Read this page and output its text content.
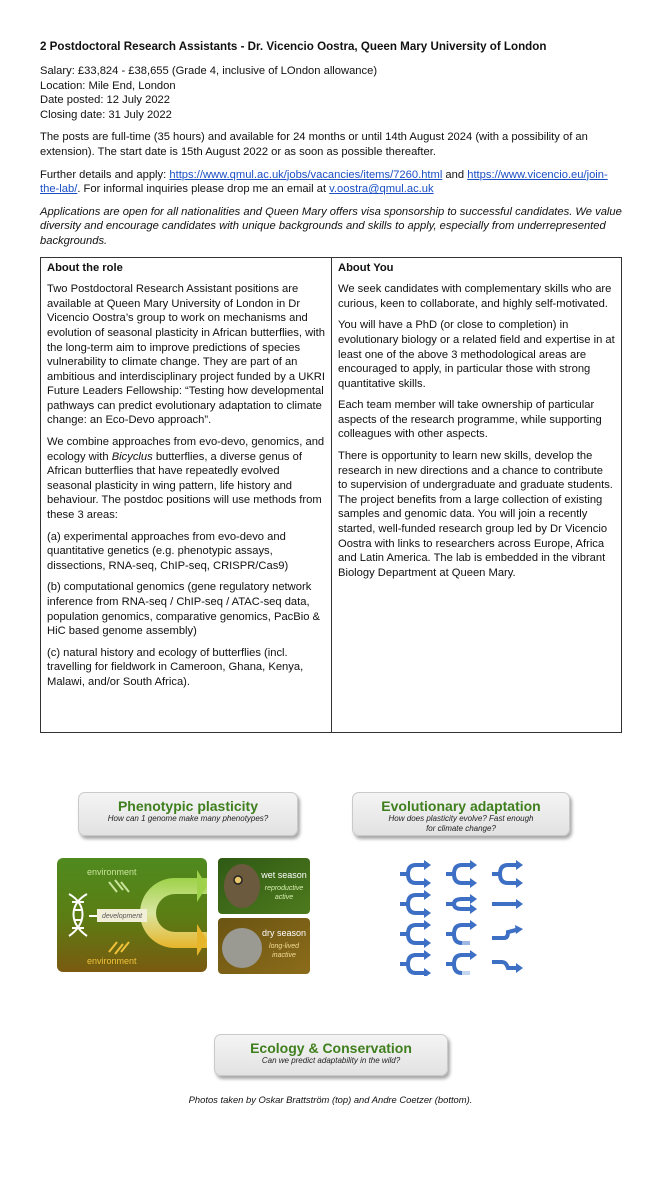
2 Postdoctoral Research Assistants - Dr. Vicencio Oostra, Queen Mary University of London
Salary: £33,824 - £38,655 (Grade 4, inclusive of LOndon allowance)
Location: Mile End, London
Date posted: 12 July 2022
Closing date: 31 July 2022

The posts are full-time (35 hours) and available for 24 months or until 14th August 2024 (with a possibility of an extension). The start date is 15th August 2022 or as soon as possible thereafter.

Further details and apply: https://www.qmul.ac.uk/jobs/vacancies/items/7260.html and https://www.vicencio.eu/join-the-lab/. For informal inquiries please drop me an email at v.oostra@qmul.ac.uk

Applications are open for all nationalities and Queen Mary offers visa sponsorship to successful candidates. We value diversity and encourage candidates with unique backgrounds and skills to apply, especially from underrepresented backgrounds.

About the role

Two Postdoctoral Research Assistant positions are available at Queen Mary University of London in Dr Vicencio Oostra’s group to work on mechanisms and evolution of seasonal plasticity in African butterflies, with the long-term aim to improve predictions of species vulnerability to climate change. They are part of an ambitious and interdisciplinary project funded by a UKRI Future Leaders Fellowship: “Testing how developmental pathways can predict evolutionary adaptation to climate change: an Eco-Devo approach”.

We combine approaches from evo-devo, genomics, and ecology with Bicyclus butterflies, a diverse genus of African butterflies that have repeatedly evolved seasonal plasticity in wing pattern, life history and behaviour. The postdoc positions will use methods from these 3 areas:

(a) experimental approaches from evo-devo and quantitative genetics (e.g. phenotypic assays, dissections, RNA-seq, ChIP-seq, CRISPR/Cas9)

(b) computational genomics (gene regulatory network inference from RNA-seq / ChIP-seq / ATAC-seq data, population genomics, comparative genomics, PacBio & HiC based genome assembly)

(c) natural history and ecology of butterflies (incl. travelling for fieldwork in Cameroon, Ghana, Kenya, Malawi, and/or South Africa).

About You

We seek candidates with complementary skills who are curious, keen to collaborate, and highly self-motivated.

You will have a PhD (or close to completion) in evolutionary biology or a related field and expertise in at least one of the above 3 methodological areas are encouraged to apply, in particular those with strong quantitative skills.

Each team member will take ownership of particular aspects of the research programme, while supporting colleagues with other aspects.

There is opportunity to learn new skills, develop the research in new directions and a chance to contribute to supervision of undergraduate and graduate students. The project benefits from a large collection of existing samples and genomic data. You will join a recently started, well-funded research group led by Dr Vicencio Oostra with links to researchers across Europe, Africa and Latin America. The lab is embedded in the vibrant Biology Department at Queen Mary.

Phenotypic plasticity
How can 1 genome make many phenotypes?
Evolutionary adaptation
How does plasticity evolve? Fast enough for climate change?
development
environment
environment
wet season
reproductive
active
dry season
long-lived
inactive
Ecology & Conservation
Can we predict adaptability in the wild?
Photos taken by Oskar Brattström (top) and Andre Coetzer (bottom).
